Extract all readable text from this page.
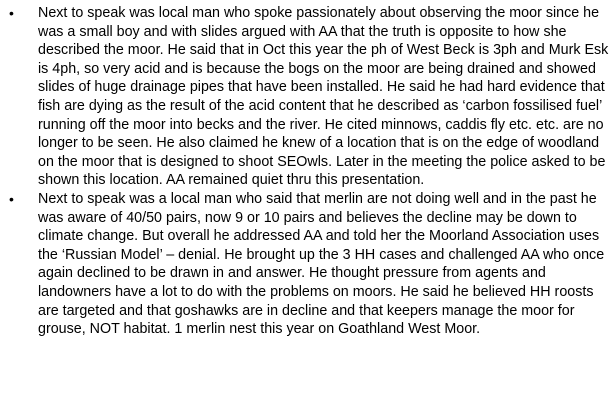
• Next to speak was local man who spoke passionately about observing the moor since he was a small boy and with slides argued with AA that the truth is opposite to how she described the moor. He said that in Oct this year the ph of West Beck is 3ph and Murk Esk is 4ph, so very acid and is because the bogs on the moor are being drained and showed slides of huge drainage pipes that have been installed. He said he had hard evidence that fish are dying as the result of the acid content that he described as ‘carbon fossilised fuel’ running off the moor into becks and the river. He cited minnows, caddis fly etc. etc. are no longer to be seen. He also claimed he knew of a location that is on the edge of woodland on the moor that is designed to shoot SEOwls. Later in the meeting the police asked to be shown this location. AA remained quiet thru this presentation.
• Next to speak was a local man who said that merlin are not doing well and in the past he was aware of 40/50 pairs, now 9 or 10 pairs and believes the decline may be down to climate change. But overall he addressed AA and told her the Moorland Association uses the ‘Russian Model’ – denial. He brought up the 3 HH cases and challenged AA who once again declined to be drawn in and answer. He thought pressure from agents and landowners have a lot to do with the problems on moors. He said he believed HH roosts are targeted and that goshawks are in decline and that keepers manage the moor for grouse, NOT habitat. 1 merlin nest this year on Goathland West Moor.
